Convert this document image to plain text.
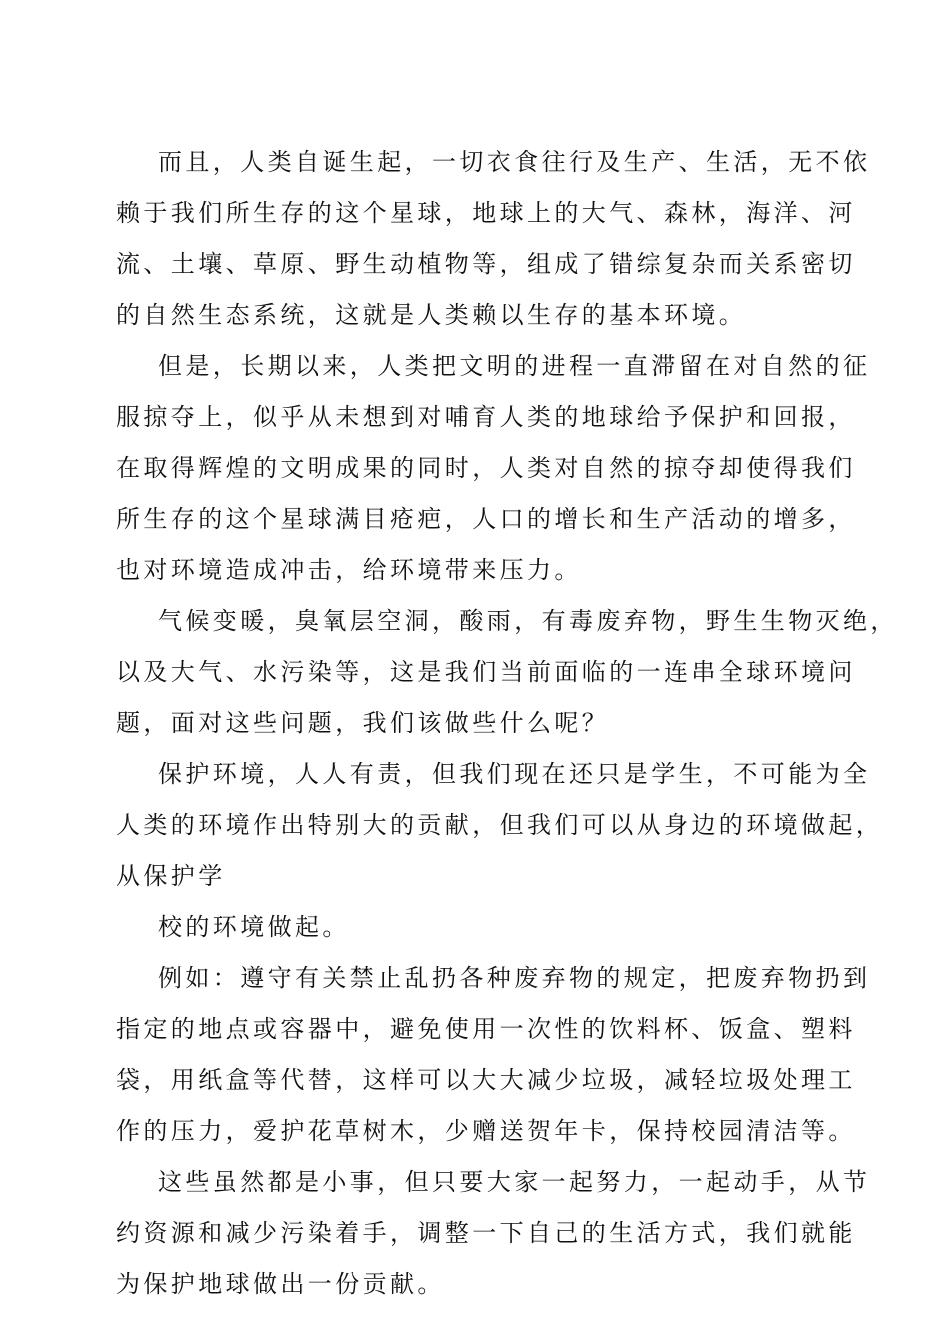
而且，人类自诞生起，一切衣食往行及生产、生活，无不依
赖于我们所生存的这个星球，地球上的大气、森林，海洋、河
流、土壤、草原、野生动植物等，组成了错综复杂而关系密切
的自然生态系统，这就是人类赖以生存的基本环境。
但是，长期以来，人类把文明的进程一直滞留在对自然的征
服掠夺上，似乎从未想到对哺育人类的地球给予保护和回报，
在取得辉煌的文明成果的同时，人类对自然的掠夺却使得我们
所生存的这个星球满目疮疤，人口的增长和生产活动的增多，
也对环境造成冲击，给环境带来压力。
气候变暖，臭氧层空洞，酸雨，有毒废弃物，野生生物灭绝，
以及大气、水污染等，这是我们当前面临的一连串全球环境问
题，面对这些问题，我们该做些什么呢？
保护环境，人人有责，但我们现在还只是学生，不可能为全
人类的环境作出特别大的贡献，但我们可以从身边的环境做起，
从保护学
校的环境做起。
例如：遵守有关禁止乱扔各种废弃物的规定，把废弃物扔到
指定的地点或容器中，避免使用一次性的饮料杯、饭盒、塑料
袋，用纸盒等代替，这样可以大大减少垃圾，减轻垃圾处理工
作的压力，爱护花草树木，少赠送贺年卡，保持校园清洁等。
这些虽然都是小事，但只要大家一起努力，一起动手，从节
约资源和减少污染着手，调整一下自己的生活方式，我们就能
为保护地球做出一份贡献。
